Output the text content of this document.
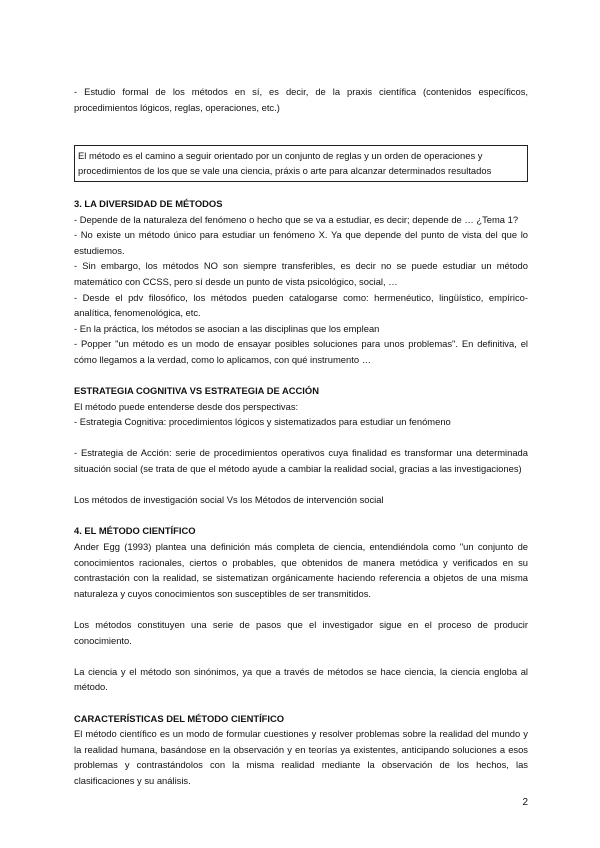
- Estudio formal de los métodos en sí, es decir, de la praxis científica (contenidos específicos, procedimientos lógicos, reglas, operaciones, etc.)

El método es el camino a seguir orientado por un conjunto de reglas y un orden de operaciones y procedimientos de los que se vale una ciencia, práxis o arte para alcanzar determinados resultados

3. LA DIVERSIDAD DE MÉTODOS

- Depende de la naturaleza del fenómeno o hecho que se va a estudiar, es decir; depende de … ¿Tema 1?

- No existe un método único para estudiar un fenómeno X. Ya que depende del punto de vista del que lo estudiemos.

- Sin embargo, los métodos NO son siempre transferibles, es decir no se puede estudiar un método matemático con CCSS, pero sí desde un punto de vista psicológico, social, …

- Desde el pdv filosófico, los métodos pueden catalogarse como: hermenéutico, lingüístico, empírico-analítica, fenomenológica, etc.

- En la práctica, los métodos se asocian a las disciplinas que los emplean

- Popper "un método es un modo de ensayar posibles soluciones para unos problemas". En definitiva, el cómo llegamos a la verdad, como lo aplicamos, con qué instrumento …

ESTRATEGIA COGNITIVA VS ESTRATEGIA DE ACCIÓN

El método puede entenderse desde dos perspectivas:

- Estrategia Cognitiva: procedimientos lógicos y sistematizados para estudiar un fenómeno

- Estrategia de Acción: serie de procedimientos operativos cuya finalidad es transformar una determinada situación social (se trata de que el método ayude a cambiar la realidad social, gracias a las investigaciones)

Los métodos de investigación social Vs los Métodos de intervención social

4. EL MÉTODO CIENTÍFICO

Ander Egg (1993) plantea una definición más completa de ciencia, entendiéndola como "un conjunto de conocimientos racionales, ciertos o probables, que obtenidos de manera metódica y verificados en su contrastación con la realidad, se sistematizan orgánicamente haciendo referencia a objetos de una misma naturaleza y cuyos conocimientos son susceptibles de ser transmitidos.

Los métodos constituyen una serie de pasos que el investigador sigue en el proceso de producir conocimiento.

La ciencia y el método son sinónimos, ya que a través de métodos se hace ciencia, la ciencia engloba al método.

CARACTERÍSTICAS DEL MÉTODO CIENTÍFICO

El método científico es un modo de formular cuestiones y resolver problemas sobre la realidad del mundo y la realidad humana, basándose en la observación y en teorías ya existentes, anticipando soluciones a esos problemas y contrastándolos con la misma realidad mediante la observación de los hechos, las clasificaciones y su análisis.

2
